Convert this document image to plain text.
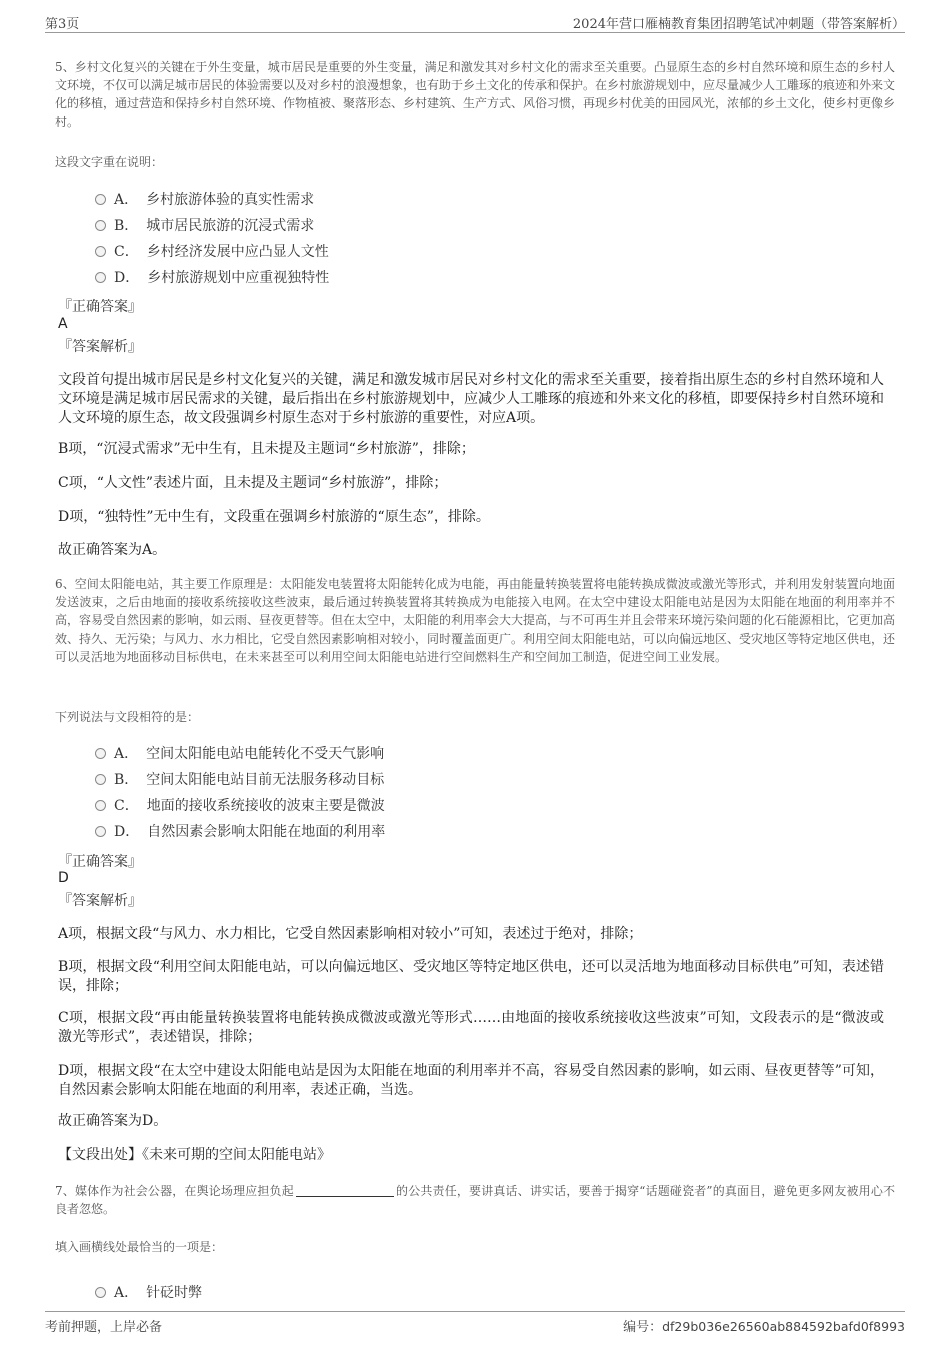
第3页	2024年营口雁楠教育集团招聘笔试冲刺题（带答案解析）
5、乡村文化复兴的关键在于外生变量，城市居民是重要的外生变量，满足和激发其对乡村文化的需求至关重要。凸显原生态的乡村自然环境和原生态的乡村人文环境，不仅可以满足城市居民的体验需要以及对乡村的浪漫想象，也有助于乡土文化的传承和保护。在乡村旅游规划中，应尽量减少人工雕琢的痕迹和外来文化的移植，通过营造和保持乡村自然环境、作物植被、聚落形态、乡村建筑、生产方式、风俗习惯，再现乡村优美的田园风光，浓郁的乡土文化，使乡村更像乡村。
这段文字重在说明：
A． 乡村旅游体验的真实性需求
B． 城市居民旅游的沉浸式需求
C． 乡村经济发展中应凸显人文性
D． 乡村旅游规划中应重视独特性
『正确答案』
A
『答案解析』
文段首句提出城市居民是乡村文化复兴的关键，满足和激发城市居民对乡村文化的需求至关重要，接着指出原生态的乡村自然环境和人文环境是满足城市居民需求的关键，最后指出在乡村旅游规划中，应减少人工雕琢的痕迹和外来文化的移植，即要保持乡村自然环境和人文环境的原生态，故文段强调乡村原生态对于乡村旅游的重要性，对应A项。
B项，“沉浸式需求”无中生有，且未提及主题词“乡村旅游”，排除；
C项，“人文性”表述片面，且未提及主题词“乡村旅游”，排除；
D项，“独特性”无中生有，文段重在强调乡村旅游的“原生态”，排除。
故正确答案为A。
6、空间太阳能电站，其主要工作原理是：太阳能发电装置将太阳能转化成为电能，再由能量转换装置将电能转换成微波或激光等形式，并利用发射装置向地面发送波束，之后由地面的接收系统接收这些波束，最后通过转换装置将其转换成为电能接入电网。在太空中建设太阳能电站是因为太阳能在地面的利用率并不高，容易受自然因素的影响，如云雨、昼夜更替等。但在太空中，太阳能的利用率会大大提高，与不可再生并且会带来环境污染问题的化石能源相比，它更加高效、持久、无污染；与风力、水力相比，它受自然因素影响相对较小，同时覆盖面更广。利用空间太阳能电站，可以向偏远地区、受灾地区等特定地区供电，还可以灵活地为地面移动目标供电，在未来甚至可以利用空间太阳能电站进行空间燃料生产和空间加工制造，促进空间工业发展。
下列说法与文段相符的是：
A． 空间太阳能电站电能转化不受天气影响
B． 空间太阳能电站目前无法服务移动目标
C． 地面的接收系统接收的波束主要是微波
D． 自然因素会影响太阳能在地面的利用率
『正确答案』
D
『答案解析』
A项，根据文段“与风力、水力相比，它受自然因素影响相对较小”可知，表述过于绝对，排除；
B项，根据文段“利用空间太阳能电站，可以向偏远地区、受灾地区等特定地区供电，还可以灵活地为地面移动目标供电”可知，表述错误，排除；
C项，根据文段“再由能量转换装置将电能转换成微波或激光等形式……由地面的接收系统接收这些波束”可知，文段表示的是“微波或激光等形式”，表述错误，排除；
D项，根据文段“在太空中建设太阳能电站是因为太阳能在地面的利用率并不高，容易受自然因素的影响，如云雨、昼夜更替等”可知，自然因素会影响太阳能在地面的利用率，表述正确，当选。
故正确答案为D。
【文段出处】《未来可期的空间太阳能电站》
7、媒体作为社会公器，在舆论场理应担负起	的公共责任，要讲真话、讲实话，要善于揭穿“话题碰瓷者”的真面目，避免更多网友被用心不良者忽悠。
填入画横线处最恰当的一项是：
A． 针砭时弊
考前押题，上岸必备	编号：df29b036e26560ab884592bafd0f8993
